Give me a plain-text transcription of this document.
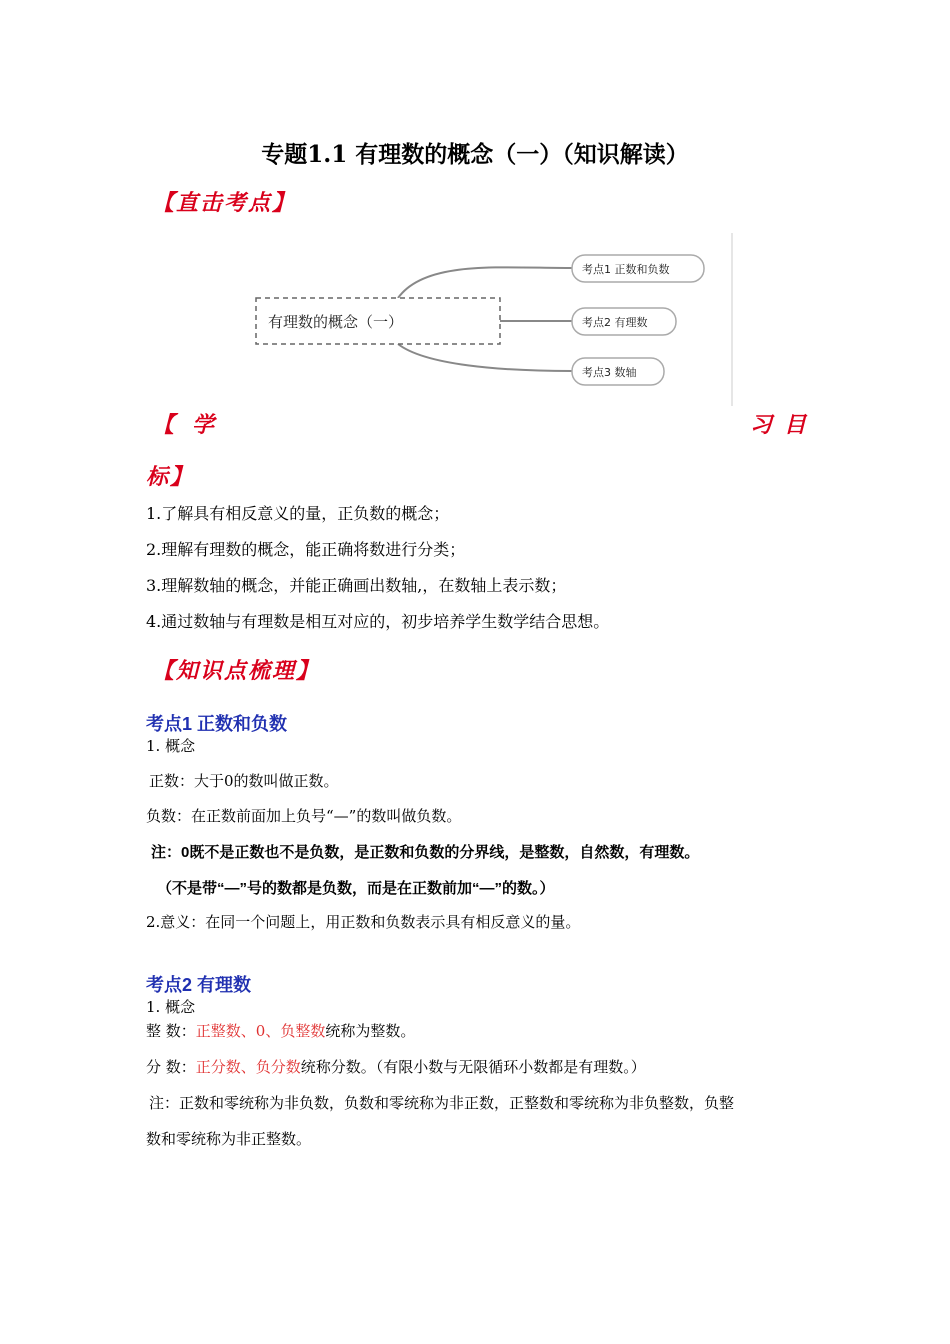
专题1.1 有理数的概念（一）（知识解读）
【直击考点】
有理数的概念（一）
考点1 正数和负数
考点2 有理数
考点3 数轴
【 学	习 目
标】
1.了解具有相反意义的量，正负数的概念；
2.理解有理数的概念，能正确将数进行分类；
3.理解数轴的概念，并能正确画出数轴,，在数轴上表示数；
4.通过数轴与有理数是相互对应的，初步培养学生数学结合思想。
【知识点梳理】
考点1 正数和负数
1. 概念
正数：大于0的数叫做正数。
负数：在正数前面加上负号“—”的数叫做负数。
注：0既不是正数也不是负数，是正数和负数的分界线，是整数，自然数，有理数。
（不是带“—”号的数都是负数，而是在正数前加“—”的数。）
2.意义：在同一个问题上，用正数和负数表示具有相反意义的量。
考点2 有理数
1. 概念
整 数：正整数、0、负整数统称为整数。
分 数：正分数、负分数统称分数。（有限小数与无限循环小数都是有理数。）
注：正数和零统称为非负数，负数和零统称为非正数，正整数和零统称为非负整数，负整
数和零统称为非正整数。
